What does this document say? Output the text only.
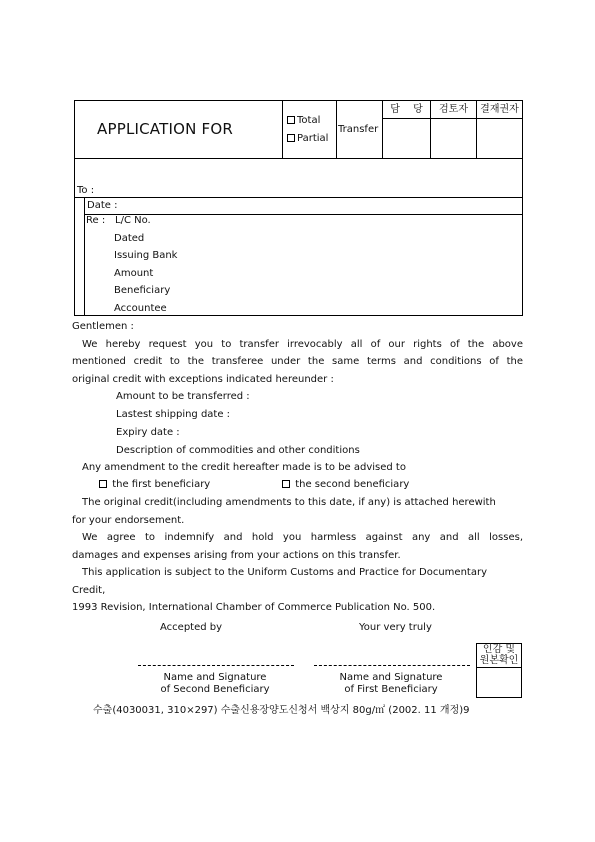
APPLICATION FOR	Total
Partial
Transfer
담 당	검토자	결재권자
To :
Date :
Re : L/C No.
Dated
Issuing Bank
Amount
Beneficiary
Accountee
Gentlemen :
We hereby request you to transfer irrevocably all of our rights of the above
mentioned credit to the transferee under the same terms and conditions of the
original credit with exceptions indicated hereunder :
Amount to be transferred :
Lastest shipping date :
Expiry date :
Description of commodities and other conditions
Any amendment to the credit hereafter made is to be advised to
the first beneficiary	the second beneficiary
The original credit(including amendments to this date, if any) is attached herewith
for your endorsement.
We agree to indemnify and hold you harmless against any and all losses,
damages and expenses arising from your actions on this transfer.
This application is subject to the Uniform Customs and Practice for Documentary
Credit,
1993 Revision, International Chamber of Commerce Publication No. 500.
Accepted by	Your very truly
Name and Signature
of Second Beneficiary
Name and Signature
of First Beneficiary
인감 및
원본확인
수출(4030031, 310×297) 수출신용장양도신청서 백상지 80g/㎡ (2002. 11 개정)9
